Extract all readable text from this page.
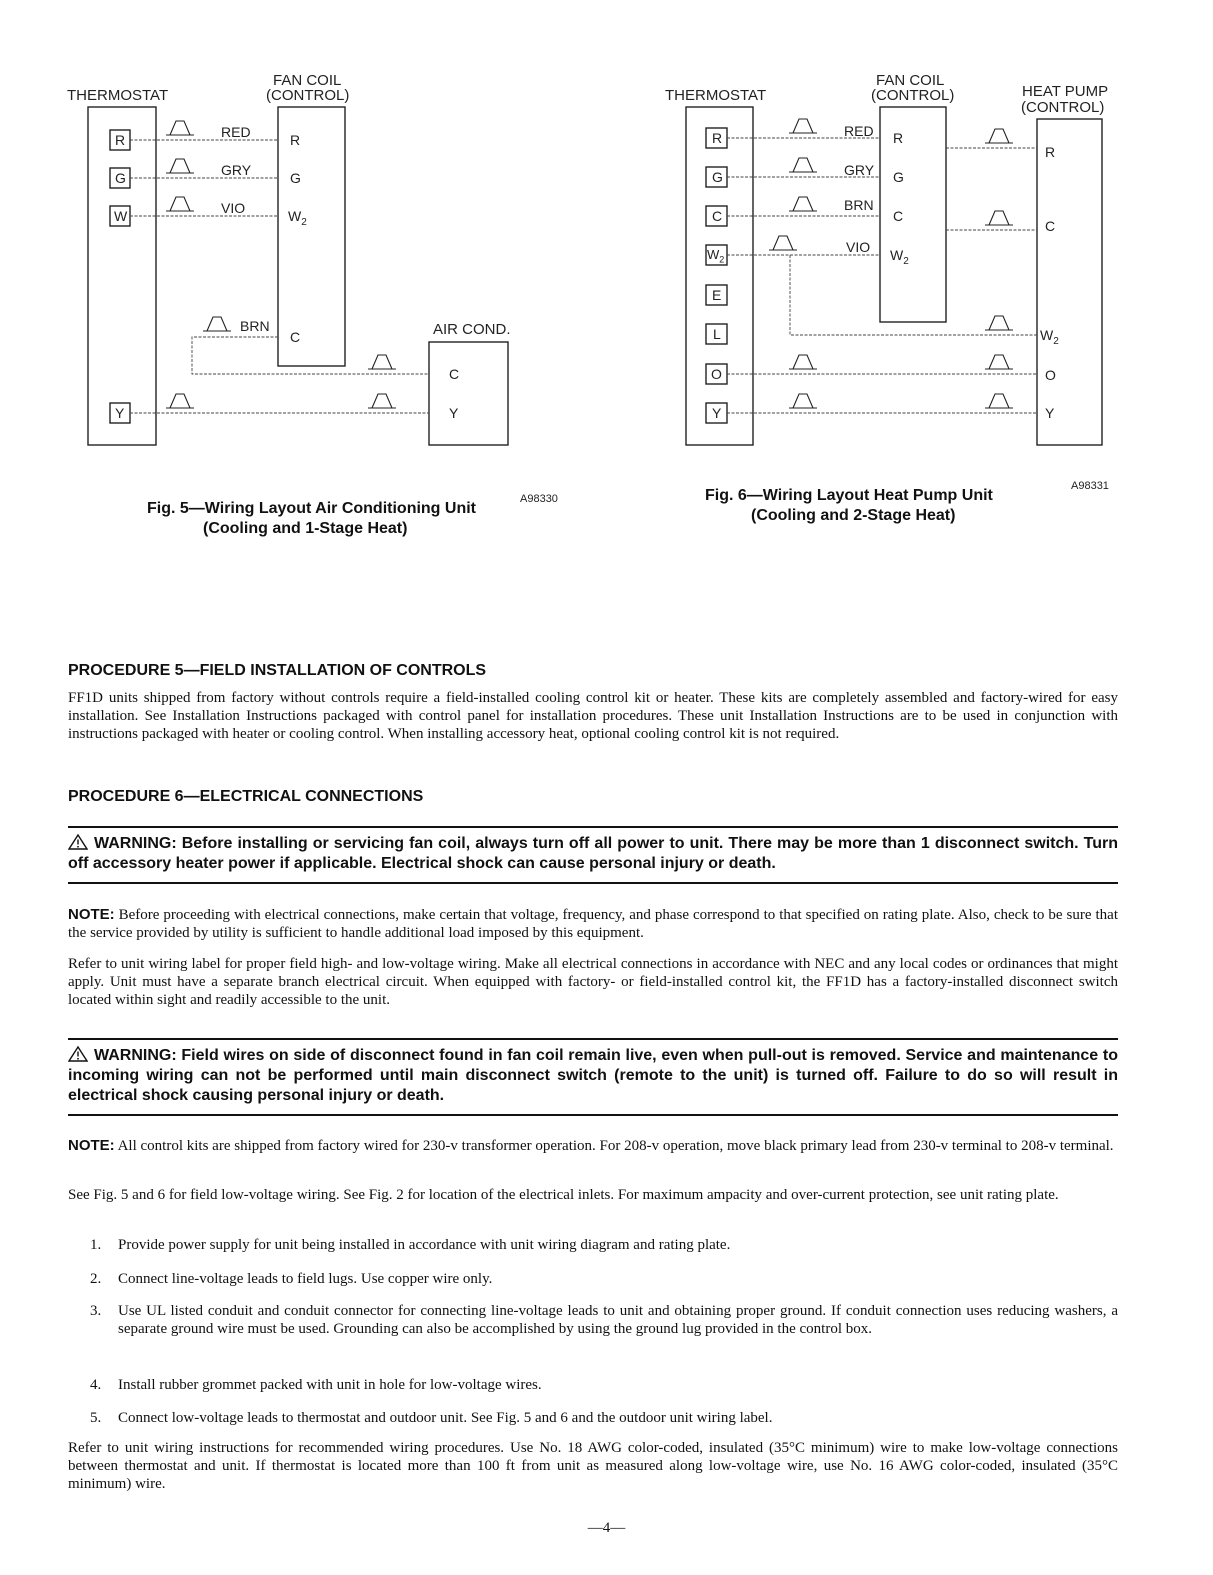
THERMOSTAT
FAN COIL
(CONTROL)
AIR COND.
R
G
W
Y
R
G
$W_2$
C
C
Y
RED
GRY
VIO
BRN
Fig. 5—Wiring Layout Air Conditioning Unit
(Cooling and 1-Stage Heat)
A98330
THERMOSTAT
FAN COIL
(CONTROL)	HEAT PUMP
(CONTROL)
R
G
C
$W_2$
E
L
O
Y
R
G
C
$W_2$
R
C
$W_2$
O
Y
RED
GRY
BRN
VIO
Fig. 6—Wiring Layout Heat Pump Unit
(Cooling and 2-Stage Heat)
A98331
PROCEDURE 5—FIELD INSTALLATION OF CONTROLS

FF1D units shipped from factory without controls require a field-installed cooling control kit or heater. These kits are completely assembled and factory-wired for easy installation. See Installation Instructions packaged with control panel for installation procedures. These unit Installation Instructions are to be used in conjunction with instructions packaged with heater or cooling control. When installing accessory heat, optional cooling control kit is not required.

PROCEDURE 6—ELECTRICAL CONNECTIONS
WARNING: Before installing or servicing fan coil, always turn off all power to unit. There may be more than 1 disconnect switch. Turn off accessory heater power if applicable. Electrical shock can cause personal injury or death.

NOTE: Before proceeding with electrical connections, make certain that voltage, frequency, and phase correspond to that specified on rating plate. Also, check to be sure that the service provided by utility is sufficient to handle additional load imposed by this equipment.

Refer to unit wiring label for proper field high- and low-voltage wiring. Make all electrical connections in accordance with NEC and any local codes or ordinances that might apply. Unit must have a separate branch electrical circuit. When equipped with factory- or field-installed control kit, the FF1D has a factory-installed disconnect switch located within sight and readily accessible to the unit.

WARNING: Field wires on side of disconnect found in fan coil remain live, even when pull-out is removed. Service and maintenance to incoming wiring can not be performed until main disconnect switch (remote to the unit) is turned off. Failure to do so will result in electrical shock causing personal injury or death.

NOTE: All control kits are shipped from factory wired for 230-v transformer operation. For 208-v operation, move black primary lead from 230-v terminal to 208-v terminal.

See Fig. 5 and 6 for field low-voltage wiring. See Fig. 2 for location of the electrical inlets. For maximum ampacity and over-current protection, see unit rating plate.

1. Provide power supply for unit being installed in accordance with unit wiring diagram and rating plate.
2. Connect line-voltage leads to field lugs. Use copper wire only.
3. Use UL listed conduit and conduit connector for connecting line-voltage leads to unit and obtaining proper ground. If conduit connection uses reducing washers, a separate ground wire must be used. Grounding can also be accomplished by using the ground lug provided in the control box.
4. Install rubber grommet packed with unit in hole for low-voltage wires.
5. Connect low-voltage leads to thermostat and outdoor unit. See Fig. 5 and 6 and the outdoor unit wiring label.

Refer to unit wiring instructions for recommended wiring procedures. Use No. 18 AWG color-coded, insulated (35°C minimum) wire to make low-voltage connections between thermostat and unit. If thermostat is located more than 100 ft from unit as measured along low-voltage wire, use No. 16 AWG color-coded, insulated (35°C minimum) wire.

—4—
